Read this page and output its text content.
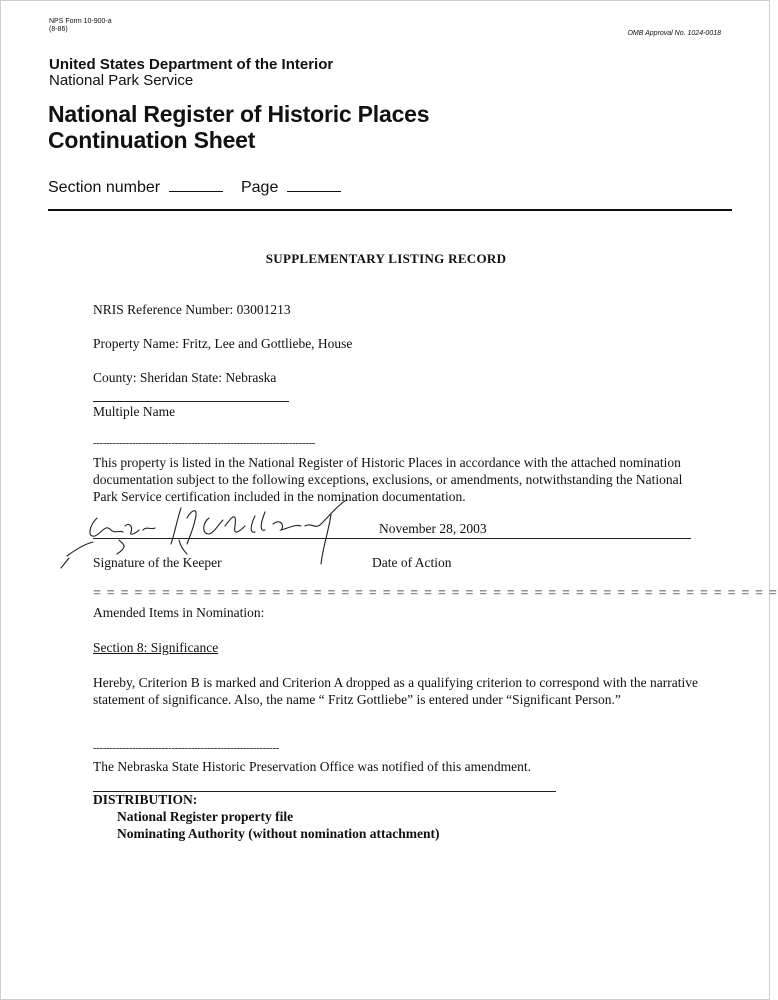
NPS Form 10-900-a
(8-86)
OMB Approval No. 1024-0018
United States Department of the Interior
National Park Service
National Register of Historic Places
Continuation Sheet
Section number	Page
SUPPLEMENTARY LISTING RECORD
NRIS Reference Number: 03001213
Property Name: Fritz, Lee and Gottliebe, House
County: Sheridan State: Nebraska
Multiple Name
--------------------------------------------------------------------
This property is listed in the National Register of Historic Places in accordance with the attached nomination documentation subject to the following exceptions, exclusions, or amendments, notwithstanding the National Park Service certification included in the nomination documentation.
November 28, 2003
Signature of the Keeper	Date of Action
= = = = = = = = = = = = = = = = = = = = = = = = = = = = = = = = = = = = = = = = = = = = = = = = = =
Amended Items in Nomination:
Section 8: Significance
Hereby, Criterion B is marked and Criterion A dropped as a qualifying criterion to correspond with the narrative statement of significance. Also, the name “ Fritz Gottliebe” is entered under “Significant Person.”
---------------------------------------------------------
The Nebraska State Historic Preservation Office was notified of this amendment.
DISTRIBUTION:
National Register property file
Nominating Authority (without nomination attachment)
